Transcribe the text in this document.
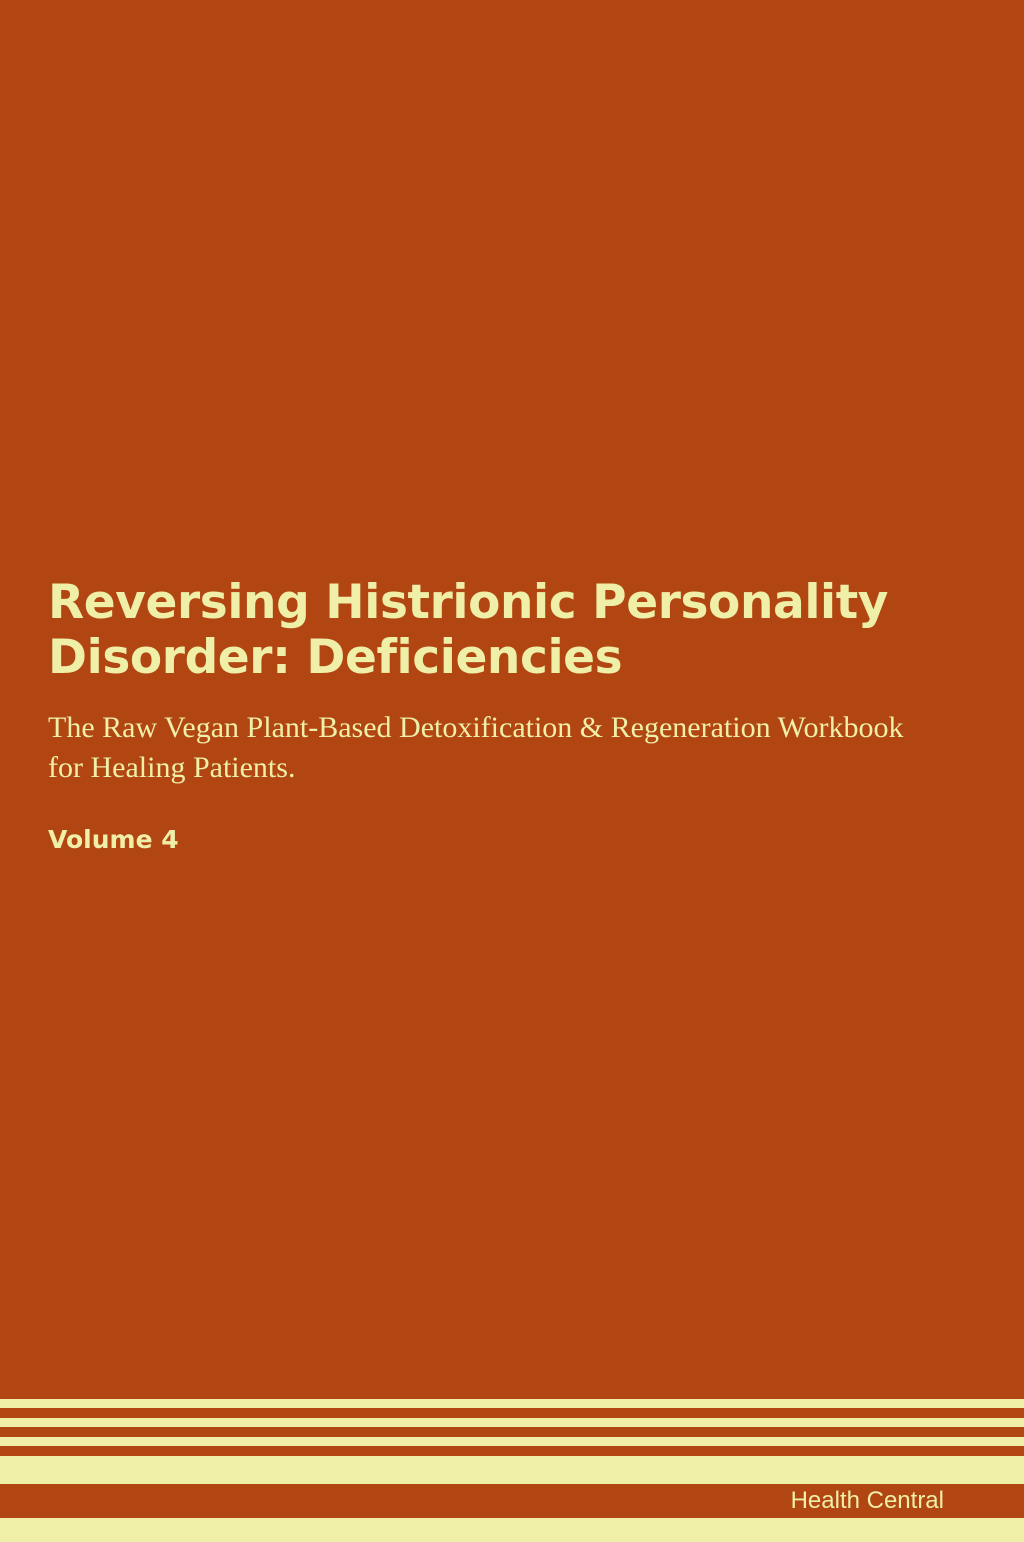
Reversing Histrionic Personality Disorder: Deficiencies

The Raw Vegan Plant-Based Detoxification & Regeneration Workbook for Healing Patients.

Volume 4

Health Central
